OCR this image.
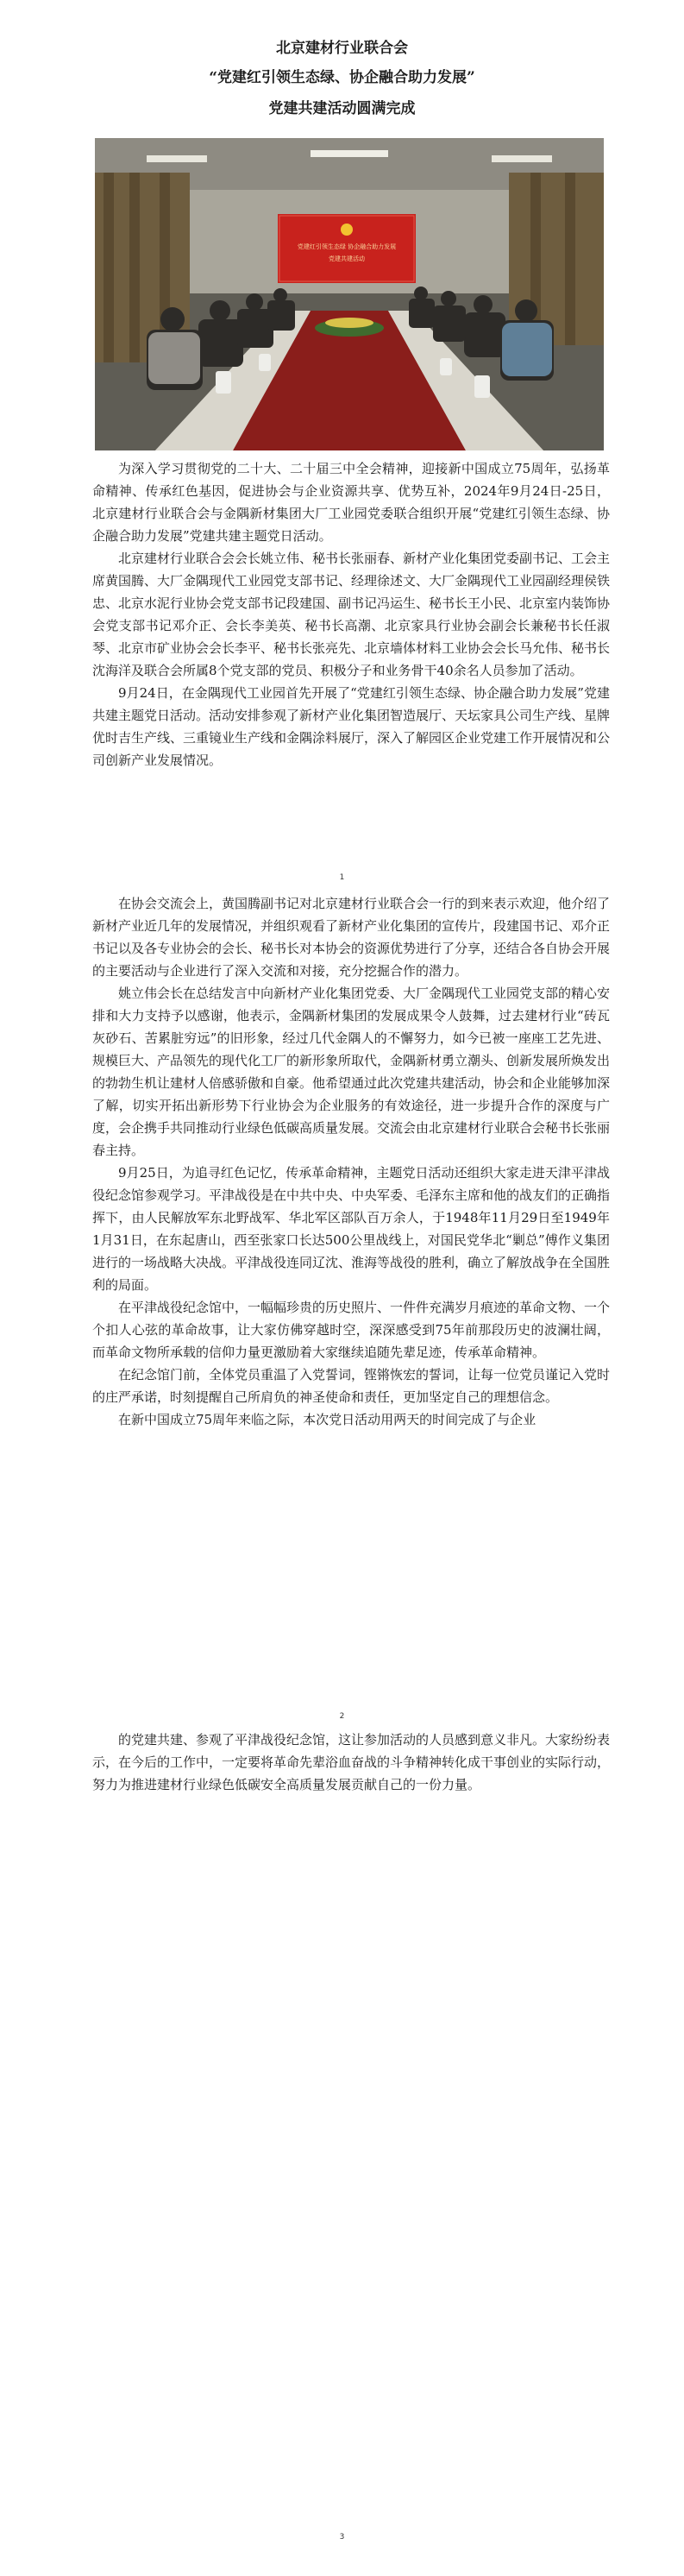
北京建材行业联合会
“党建红引领生态绿、协企融合助力发展”
党建共建活动圆满完成
党建红引领生态绿 协企融合助力发展
党建共建活动

为深入学习贯彻党的二十大、二十届三中全会精神，迎接新中国成立75周年，弘扬革命精神、传承红色基因，促进协会与企业资源共享、优势互补，2024年9月24日-25日，北京建材行业联合会与金隅新材集团大厂工业园党委联合组织开展“党建红引领生态绿、协企融合助力发展”党建共建主题党日活动。

北京建材行业联合会会长姚立伟、秘书长张丽春、新材产业化集团党委副书记、工会主席黄国腾、大厂金隅现代工业园党支部书记、经理徐述文、大厂金隅现代工业园副经理侯铁忠、北京水泥行业协会党支部书记段建国、副书记冯运生、秘书长王小民、北京室内装饰协会党支部书记邓介正、会长李美英、秘书长高潮、北京家具行业协会副会长兼秘书长任淑琴、北京市矿业协会会长李平、秘书长张亮先、北京墙体材料工业协会会长马允伟、秘书长沈海洋及联合会所属8个党支部的党员、积极分子和业务骨干40余名人员参加了活动。

9月24日，在金隅现代工业园首先开展了“党建红引领生态绿、协企融合助力发展”党建共建主题党日活动。活动安排参观了新材产业化集团智造展厅、天坛家具公司生产线、星牌优时吉生产线、三重镜业生产线和金隅涂料展厅，深入了解园区企业党建工作开展情况和公司创新产业发展情况。

1

在协会交流会上，黄国腾副书记对北京建材行业联合会一行的到来表示欢迎，他介绍了新材产业近几年的发展情况，并组织观看了新材产业化集团的宣传片，段建国书记、邓介正书记以及各专业协会的会长、秘书长对本协会的资源优势进行了分享，还结合各自协会开展的主要活动与企业进行了深入交流和对接，充分挖掘合作的潜力。

姚立伟会长在总结发言中向新材产业化集团党委、大厂金隅现代工业园党支部的精心安排和大力支持予以感谢，他表示，金隅新材集团的发展成果令人鼓舞，过去建材行业“砖瓦灰砂石、苦累脏穷远”的旧形象，经过几代金隅人的不懈努力，如今已被一座座工艺先进、规模巨大、产品领先的现代化工厂的新形象所取代，金隅新材勇立潮头、创新发展所焕发出的勃勃生机让建材人倍感骄傲和自豪。他希望通过此次党建共建活动，协会和企业能够加深了解，切实开拓出新形势下行业协会为企业服务的有效途径，进一步提升合作的深度与广度，会企携手共同推动行业绿色低碳高质量发展。交流会由北京建材行业联合会秘书长张丽春主持。

9月25日，为追寻红色记忆，传承革命精神，主题党日活动还组织大家走进天津平津战役纪念馆参观学习。平津战役是在中共中央、中央军委、毛泽东主席和他的战友们的正确指挥下，由人民解放军东北野战军、华北军区部队百万余人，于1948年11月29日至1949年1月31日，在东起唐山，西至张家口长达500公里战线上，对国民党华北“剿总”傅作义集团进行的一场战略大决战。平津战役连同辽沈、淮海等战役的胜利，确立了解放战争在全国胜利的局面。

在平津战役纪念馆中，一幅幅珍贵的历史照片、一件件充满岁月痕迹的革命文物、一个个扣人心弦的革命故事，让大家仿佛穿越时空，深深感受到75年前那段历史的波澜壮阔，而革命文物所承载的信仰力量更激励着大家继续追随先辈足迹，传承革命精神。

在纪念馆门前，全体党员重温了入党誓词，铿锵恢宏的誓词，让每一位党员谨记入党时的庄严承诺，时刻提醒自己所肩负的神圣使命和责任，更加坚定自己的理想信念。

在新中国成立75周年来临之际，本次党日活动用两天的时间完成了与企业

2

的党建共建、参观了平津战役纪念馆，这让参加活动的人员感到意义非凡。大家纷纷表示，在今后的工作中，一定要将革命先辈浴血奋战的斗争精神转化成干事创业的实际行动，努力为推进建材行业绿色低碳安全高质量发展贡献自己的一份力量。

3
